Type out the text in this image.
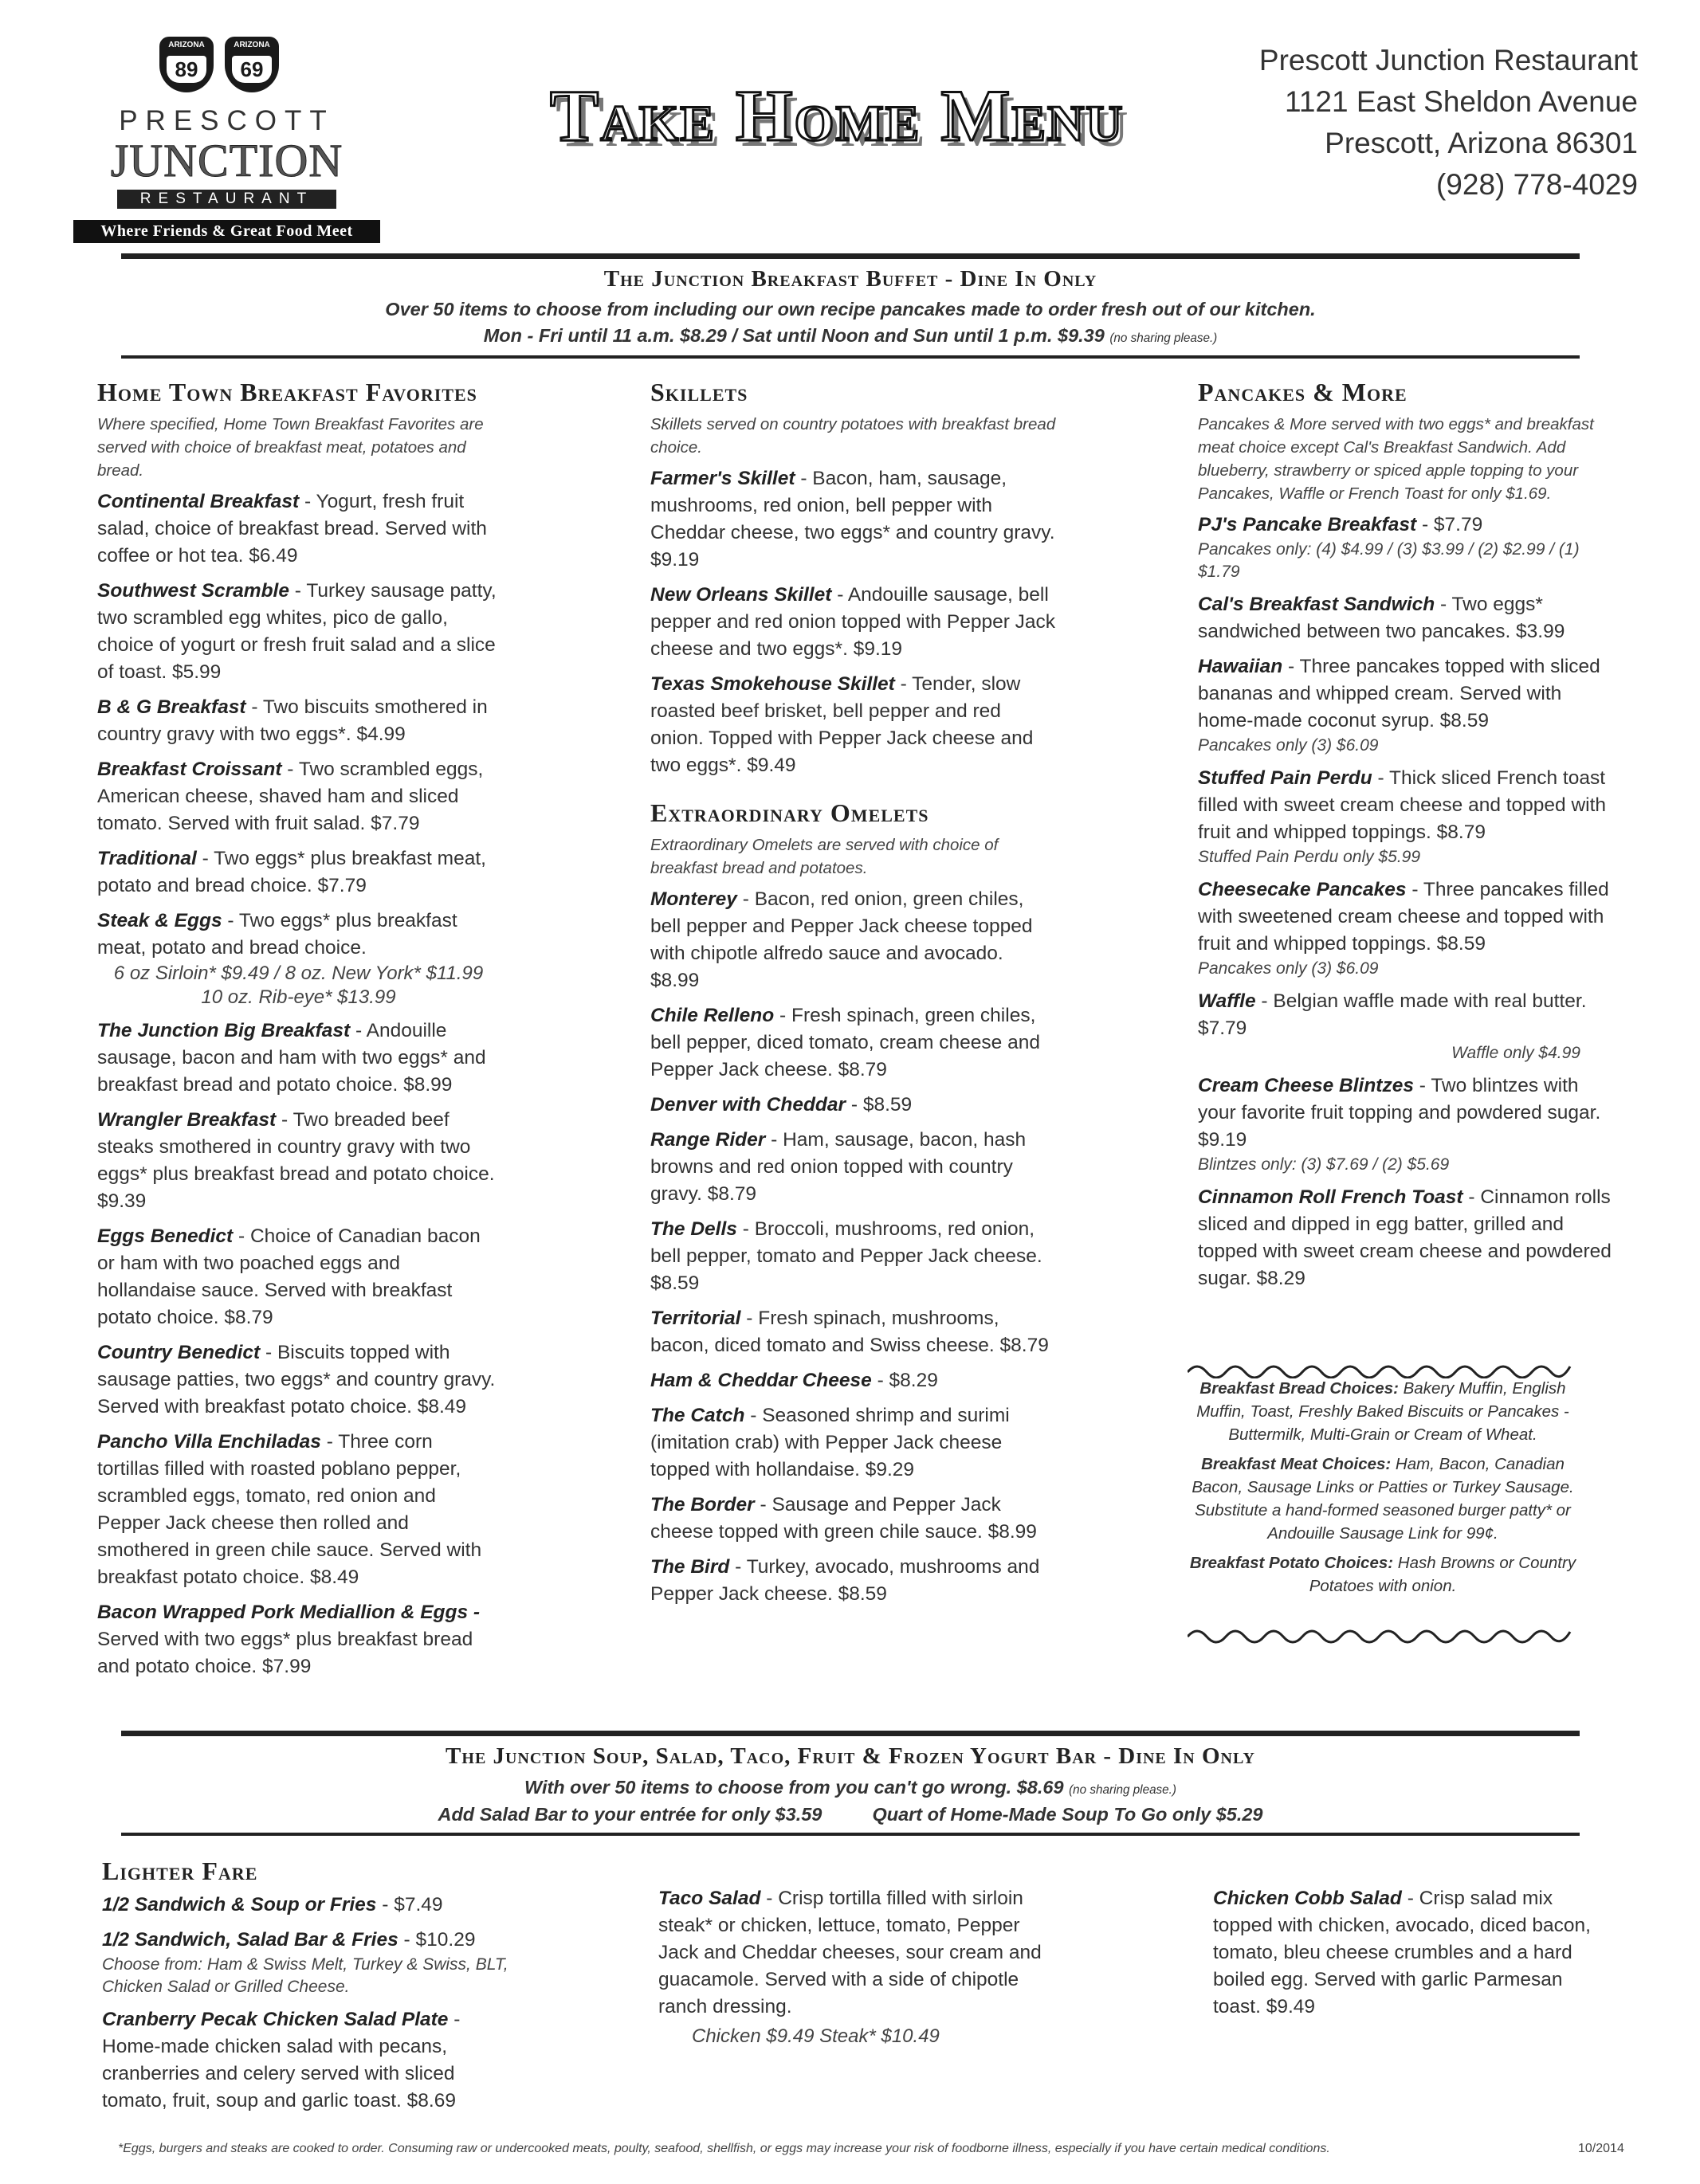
ARIZONA
89
ARIZONA
69
PRESCOTT
JUNCTION
RESTAURANT
Where Friends & Great Food Meet
Take Home Menu
Prescott Junction Restaurant
1121 East Sheldon Avenue
Prescott, Arizona 86301
(928) 778-4029
The Junction Breakfast Buffet - Dine In Only
Over 50 items to choose from including our own recipe pancakes made to order fresh out of our kitchen.
Mon - Fri until 11 a.m. $8.29 / Sat until Noon and Sun until 1 p.m. $9.39 (no sharing please.)
Home Town Breakfast Favorites
Where specified, Home Town Breakfast Favorites are served with choice of breakfast meat, potatoes and bread.
Continental Breakfast - Yogurt, fresh fruit salad, choice of breakfast bread. Served with coffee or hot tea. $6.49
Southwest Scramble - Turkey sausage patty, two scrambled egg whites, pico de gallo, choice of yogurt or fresh fruit salad and a slice of toast. $5.99
B & G Breakfast - Two biscuits smothered in country gravy with two eggs*. $4.99
Breakfast Croissant - Two scrambled eggs, American cheese, shaved ham and sliced tomato. Served with fruit salad. $7.79
Traditional - Two eggs* plus breakfast meat, potato and bread choice. $7.79
Steak & Eggs - Two eggs* plus breakfast meat, potato and bread choice.
6 oz Sirloin* $9.49 / 8 oz. New York* $11.99
10 oz. Rib-eye* $13.99
The Junction Big Breakfast - Andouille sausage, bacon and ham with two eggs* and breakfast bread and potato choice. $8.99
Wrangler Breakfast - Two breaded beef steaks smothered in country gravy with two eggs* plus breakfast bread and potato choice. $9.39
Eggs Benedict - Choice of Canadian bacon or ham with two poached eggs and hollandaise sauce. Served with breakfast potato choice. $8.79
Country Benedict - Biscuits topped with sausage patties, two eggs* and country gravy. Served with breakfast potato choice. $8.49
Pancho Villa Enchiladas - Three corn tortillas filled with roasted poblano pepper, scrambled eggs, tomato, red onion and Pepper Jack cheese then rolled and smothered in green chile sauce. Served with breakfast potato choice. $8.49
Bacon Wrapped Pork Mediallion & Eggs - Served with two eggs* plus breakfast bread and potato choice. $7.99
Skillets
Skillets served on country potatoes with breakfast bread choice.
Farmer's Skillet - Bacon, ham, sausage, mushrooms, red onion, bell pepper with Cheddar cheese, two eggs* and country gravy. $9.19
New Orleans Skillet - Andouille sausage, bell pepper and red onion topped with Pepper Jack cheese and two eggs*. $9.19
Texas Smokehouse Skillet - Tender, slow roasted beef brisket, bell pepper and red onion. Topped with Pepper Jack cheese and two eggs*. $9.49
Extraordinary Omelets
Extraordinary Omelets are served with choice of breakfast bread and potatoes.
Monterey - Bacon, red onion, green chiles, bell pepper and Pepper Jack cheese topped with chipotle alfredo sauce and avocado. $8.99
Chile Relleno - Fresh spinach, green chiles, bell pepper, diced tomato, cream cheese and Pepper Jack cheese. $8.79
Denver with Cheddar - $8.59
Range Rider - Ham, sausage, bacon, hash browns and red onion topped with country gravy. $8.79
The Dells - Broccoli, mushrooms, red onion, bell pepper, tomato and Pepper Jack cheese. $8.59
Territorial - Fresh spinach, mushrooms, bacon, diced tomato and Swiss cheese. $8.79
Ham & Cheddar Cheese - $8.29
The Catch - Seasoned shrimp and surimi (imitation crab) with Pepper Jack cheese topped with hollandaise. $9.29
The Border - Sausage and Pepper Jack cheese topped with green chile sauce. $8.99
The Bird - Turkey, avocado, mushrooms and Pepper Jack cheese. $8.59
Pancakes & More
Pancakes & More served with two eggs* and breakfast meat choice except Cal's Breakfast Sandwich. Add blueberry, strawberry or spiced apple topping to your Pancakes, Waffle or French Toast for only $1.69.
PJ's Pancake Breakfast - $7.79
Pancakes only: (4) $4.99 / (3) $3.99 / (2) $2.99 / (1) $1.79
Cal's Breakfast Sandwich - Two eggs* sandwiched between two pancakes. $3.99
Hawaiian - Three pancakes topped with sliced bananas and whipped cream. Served with home-made coconut syrup. $8.59
Pancakes only (3) $6.09
Stuffed Pain Perdu - Thick sliced French toast filled with sweet cream cheese and topped with fruit and whipped toppings. $8.79
Stuffed Pain Perdu only $5.99
Cheesecake Pancakes - Three pancakes filled with sweetened cream cheese and topped with fruit and whipped toppings. $8.59
Pancakes only (3) $6.09
Waffle - Belgian waffle made with real butter. $7.79
Waffle only $4.99
Cream Cheese Blintzes - Two blintzes with your favorite fruit topping and powdered sugar. $9.19
Blintzes only: (3) $7.69 / (2) $5.69
Cinnamon Roll French Toast - Cinnamon rolls sliced and dipped in egg batter, grilled and topped with sweet cream cheese and powdered sugar. $8.29

Breakfast Bread Choices: Bakery Muffin, English Muffin, Toast, Freshly Baked Biscuits or Pancakes - Buttermilk, Multi-Grain or Cream of Wheat.

Breakfast Meat Choices: Ham, Bacon, Canadian Bacon, Sausage Links or Patties or Turkey Sausage. Substitute a hand-formed seasoned burger patty* or Andouille Sausage Link for 99¢.

Breakfast Potato Choices: Hash Browns or Country Potatoes with onion.

The Junction Soup, Salad, Taco, Fruit & Frozen Yogurt Bar - Dine In Only
With over 50 items to choose from you can't go wrong. $8.69 (no sharing please.)
Add Salad Bar to your entrée for only $3.59	Quart of Home-Made Soup To Go only $5.29
Lighter Fare
1/2 Sandwich & Soup or Fries - $7.49
1/2 Sandwich, Salad Bar & Fries - $10.29
Choose from: Ham & Swiss Melt, Turkey & Swiss, BLT, Chicken Salad or Grilled Cheese.
Cranberry Pecak Chicken Salad Plate - Home-made chicken salad with pecans, cranberries and celery served with sliced tomato, fruit, soup and garlic toast. $8.69
Taco Salad - Crisp tortilla filled with sirloin steak* or chicken, lettuce, tomato, Pepper Jack and Cheddar cheeses, sour cream and guacamole. Served with a side of chipotle ranch dressing.
Chicken $9.49 Steak* $10.49
Chicken Cobb Salad - Crisp salad mix topped with chicken, avocado, diced bacon, tomato, bleu cheese crumbles and a hard boiled egg. Served with garlic Parmesan toast. $9.49
*Eggs, burgers and steaks are cooked to order. Consuming raw or undercooked meats, poulty, seafood, shellfish, or eggs may increase your risk of foodborne illness, especially if you have certain medical conditions.	10/2014
